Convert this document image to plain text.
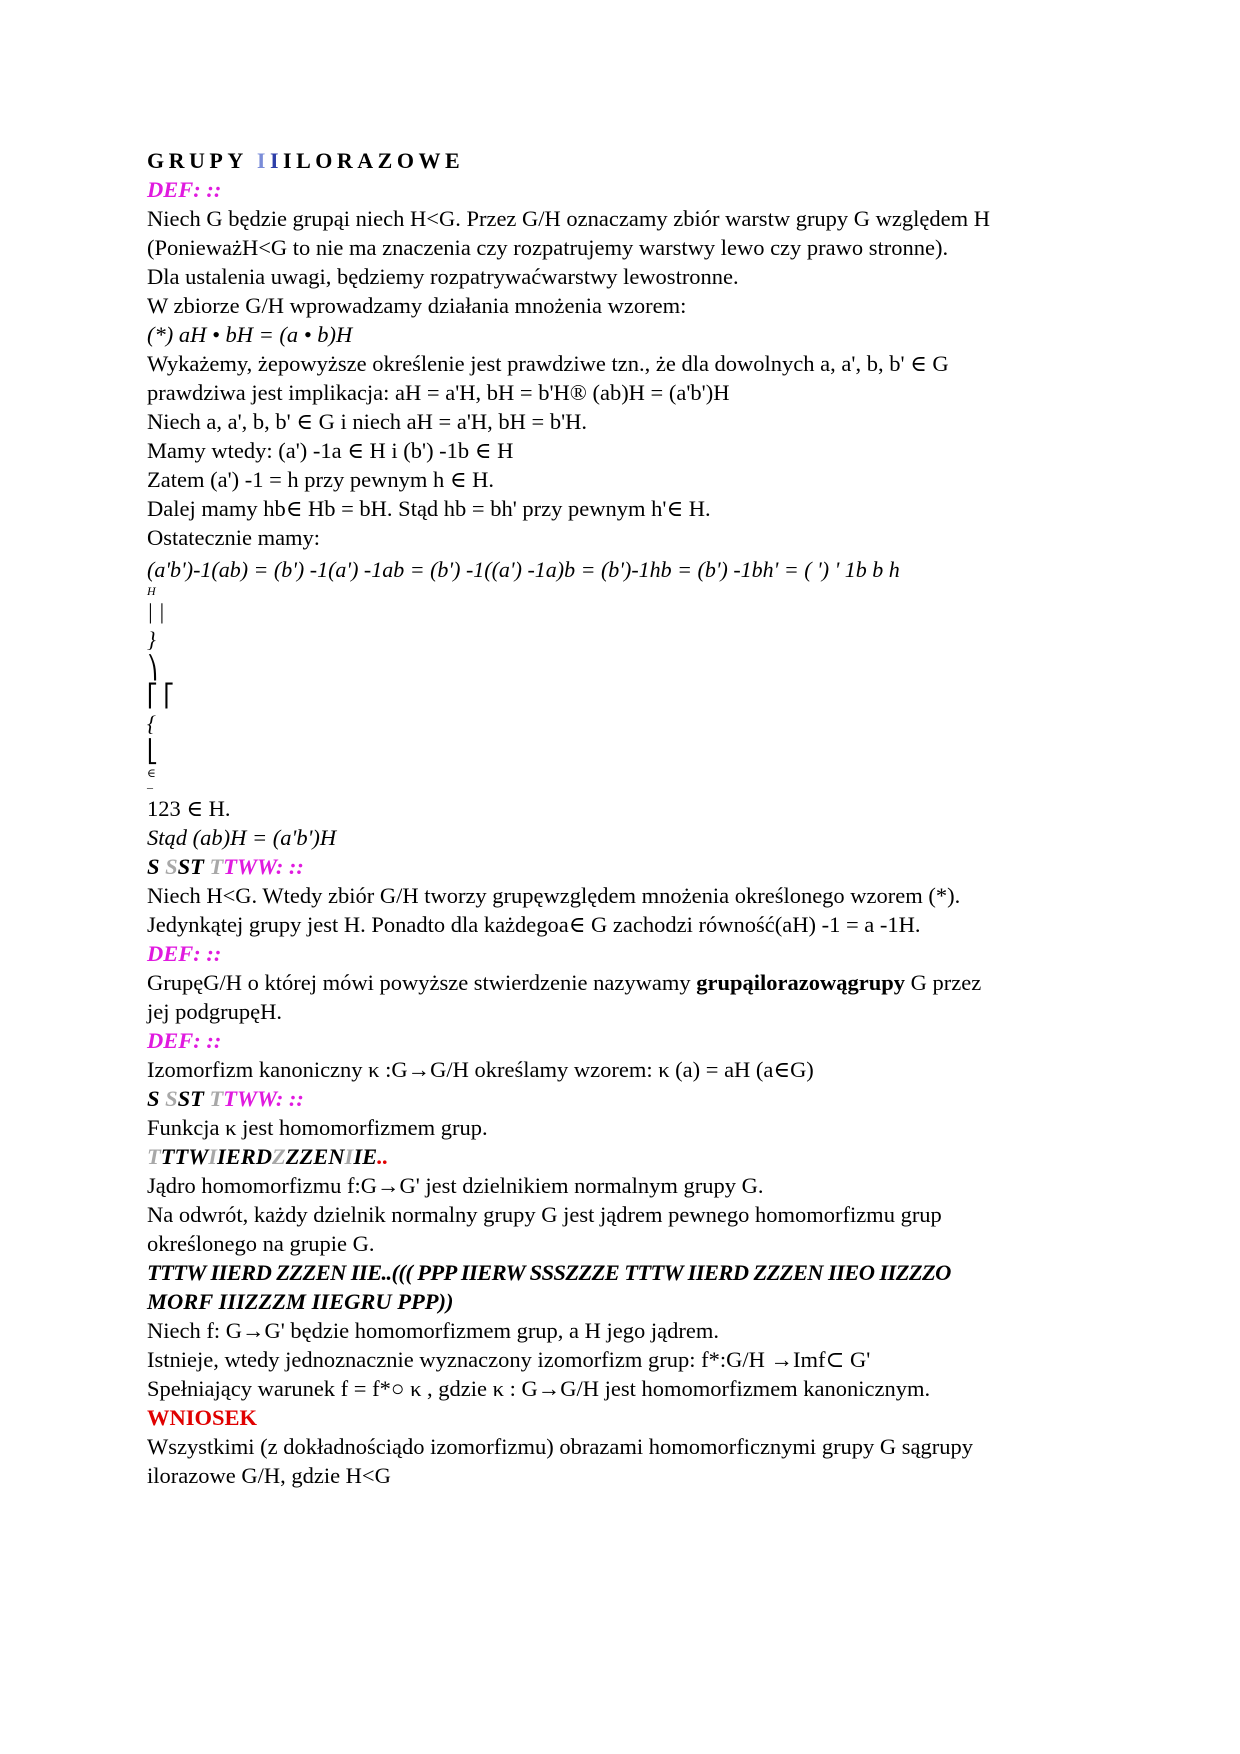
GRUPY IIILORAZOWE
DEF: ::
Niech G będzie grupąi niech H<G. Przez G/H oznaczamy zbiór warstw grupy G względem H
(PonieważH<G to nie ma znaczenia czy rozpatrujemy warstwy lewo czy prawo stronne).
Dla ustalenia uwagi, będziemy rozpatrywaćwarstwy lewostronne.
W zbiorze G/H wprowadzamy działania mnożenia wzorem:
(*) aH • bH = (a • b)H
Wykażemy, żepowyższe określenie jest prawdziwe tzn., że dla dowolnych a, a', b, b' ∈ G
prawdziwa jest implikacja: aH = a'H, bH = b'H® (ab)H = (a'b')H
Niech a, a', b, b' ∈ G i niech aH = a'H, bH = b'H.
Mamy wtedy: (a') -1a ∈ H i (b') -1b ∈ H
Zatem (a') -1 = h przy pewnym h ∈ H.
Dalej mamy hb∈ Hb = bH. Stąd hb = bh' przy pewnym h'∈ H.
Ostatecznie mamy:
(a'b')-1(ab) = (b') -1(a') -1ab = (b') -1((a') -1a)b = (b')-1hb = (b') -1bh' = ( ') ' 1b b h
H
| |
}
⎞
⎡ ⎡
{
⎣
∈
–
123 ∈ H.
Stąd (ab)H = (a'b')H
S SST TTWW: ::
Niech H<G. Wtedy zbiór G/H tworzy grupęwzględem mnożenia określonego wzorem (*).
Jedynkątej grupy jest H. Ponadto dla każdegoa∈ G zachodzi równość(aH) -1 = a -1H.
DEF: ::
GrupęG/H o której mówi powyższe stwierdzenie nazywamy grupąilorazowągrupy G przez
jej podgrupęH.
DEF: ::
Izomorfizm kanoniczny κ :G→G/H określamy wzorem: κ (a) = aH (a∈G)
S SST TTWW: ::
Funkcja κ jest homomorfizmem grup.
TTTWIIERDZZZENIIE..
Jądro homomorfizmu f:G→G' jest dzielnikiem normalnym grupy G.
Na odwrót, każdy dzielnik normalny grupy G jest jądrem pewnego homomorfizmu grup
określonego na grupie G.
TTTW IIERD ZZZEN IIE..((( PPP IIERW SSSZZZE TTTW IIERD ZZZEN IIEO IIZZZO
MORF IIIZZZM IIEGRU PPP))
Niech f: G→G' będzie homomorfizmem grup, a H jego jądrem.
Istnieje, wtedy jednoznacznie wyznaczony izomorfizm grup: f*:G/H →Imf⊂ G'
Spełniający warunek f = f*○ κ , gdzie κ : G→G/H jest homomorfizmem kanonicznym.
WNIOSEK
Wszystkimi (z dokładnościądo izomorfizmu) obrazami homomorficznymi grupy G sągrupy
ilorazowe G/H, gdzie H<G
